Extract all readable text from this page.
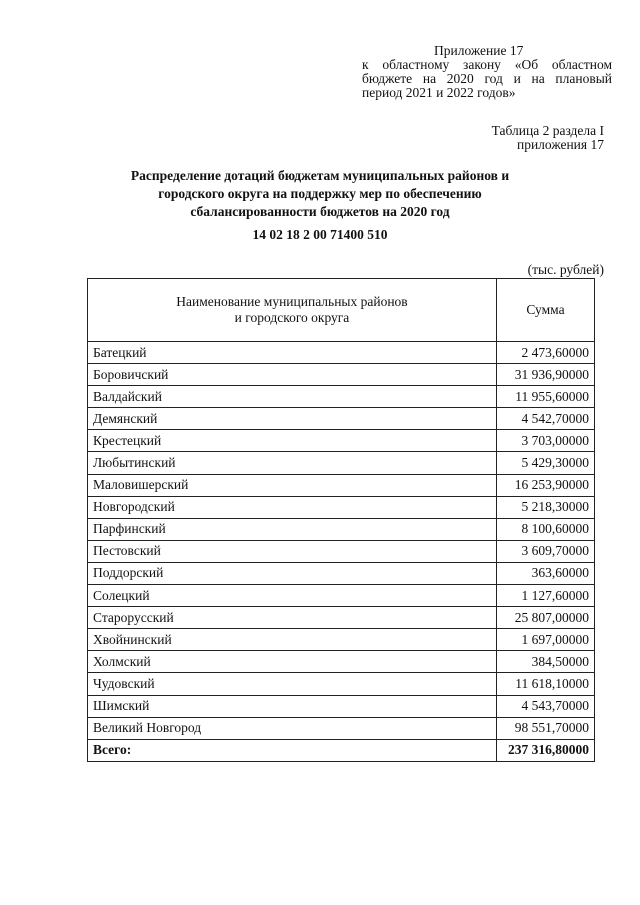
Приложение 17
к областному закону «Об областном
бюджете на 2020 год и на плановый
период 2021 и 2022 годов»
Таблица 2 раздела I
приложения 17
Распределение дотаций бюджетам муниципальных районов и
городского округа на поддержку мер по обеспечению
сбалансированности бюджетов на 2020 год
14 02 18 2 00 71400 510
(тыс. рублей)
Наименование муниципальных районов
и городского округа	Сумма
Батецкий	2 473,60000
Боровичский	31 936,90000
Валдайский	11 955,60000
Демянский	4 542,70000
Крестецкий	3 703,00000
Любытинский	5 429,30000
Маловишерский	16 253,90000
Новгородский	5 218,30000
Парфинский	8 100,60000
Пестовский	3 609,70000
Поддорский	363,60000
Солецкий	1 127,60000
Старорусский	25 807,00000
Хвойнинский	1 697,00000
Холмский	384,50000
Чудовский	11 618,10000
Шимский	4 543,70000
Великий Новгород	98 551,70000
Всего:	237 316,80000
